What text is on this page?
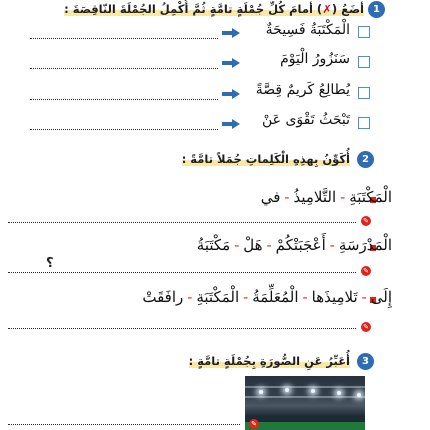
1
أضَعُ (✗) أمامَ كُلِّ جُمْلَةٍ تامَّةٍ ثُمَّ أُكْمِلُ الجُمْلَةَ النّاقِصَةَ :
الْمَكْتَبَةُ فَسِيحَةٌ
سَنَزُورُ الْيَوْمَ
يُطالِعُ كَريمٌ قِصَّةً
تَبْحَثُ تَقْوَى عَنْ
2
أُكَوِّنُ بِهذِهِ الْكَلِماتِ جُمَلاً تامَّةً :
الْمَكْتَبَةِ-التَّلامِيذُ-في
✎
الْمَدْرَسَةِ-أَعْجَبَتْكُمْ-هَلْ-مَكْتَبَةُ
؟	✎
إِلَى-تَلامِيذَها-الْمُعَلِّمَةُ-الْمَكْتَبَةِ-رافَقَتْ
✎
3
أُعَبِّرُ عَنِ الصُّورَةِ بِجُمْلَةٍ تامَّةٍ :
✎
